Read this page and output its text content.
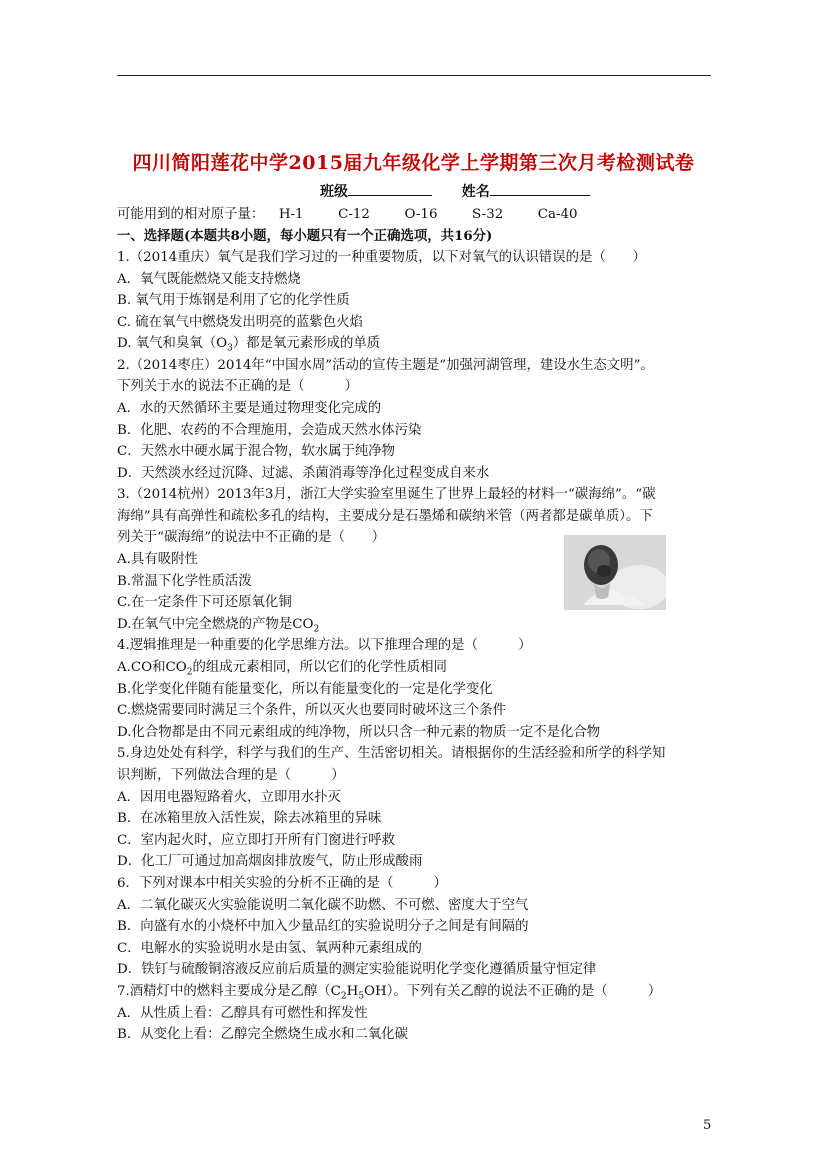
四川简阳莲花中学2015届九年级化学上学期第三次月考检测试卷
班级	姓名
可能用到的相对原子量： H-1	C-12	O-16	S-32	Ca-40
一、选择题(本题共8小题，每小题只有一个正确选项，共16分)
1.（2014重庆）氧气是我们学习过的一种重要物质，以下对氧气的认识错误的是（　　）
A．氧气既能燃烧又能支持燃烧
B. 氧气用于炼钢是利用了它的化学性质
C. 硫在氧气中燃烧发出明亮的蓝紫色火焰
D. 氧气和臭氧$(O_3)$都是氧元素形成的单质
2.（2014枣庄）2014年“中国水周”活动的宣传主题是“加强河湖管理，建设水生态文明”。
下列关于水的说法不正确的是（　　　）
A．水的天然循环主要是通过物理变化完成的
B．化肥、农药的不合理施用，会造成天然水体污染
C．天然水中硬水属于混合物，软水属于纯净物
D．天然淡水经过沉降、过滤、杀菌消毒等净化过程变成自来水
3.（2014杭州）2013年3月，浙江大学实验室里诞生了世界上最轻的材料一“碳海绵”。“碳
海绵”具有高弹性和疏松多孔的结构，主要成分是石墨烯和碳纳米管（两者都是碳单质）。下
列关于“碳海绵”的说法中不正确的是（　　）
A.具有吸附性
B.常温下化学性质活泼
C.在一定条件下可还原氧化铜
D.在氧气中完全燃烧的产物是$CO_2$
4.逻辑推理是一种重要的化学思维方法。以下推理合理的是（　　　）
A.CO和$CO_2$的组成元素相同，所以它们的化学性质相同
B.化学变化伴随有能量变化，所以有能量变化的一定是化学变化
C.燃烧需要同时满足三个条件，所以灭火也要同时破坏这三个条件
D.化合物都是由不同元素组成的纯净物，所以只含一种元素的物质一定不是化合物
5.身边处处有科学，科学与我们的生产、生活密切相关。请根据你的生活经验和所学的科学知
识判断，下列做法合理的是（　　　）
A．因用电器短路着火，立即用水扑灭
B．在冰箱里放入活性炭，除去冰箱里的异味
C．室内起火时，应立即打开所有门窗进行呼救
D．化工厂可通过加高烟囱排放废气，防止形成酸雨
6．下列对课本中相关实验的分析不正确的是（　　　）
A．二氧化碳灭火实验能说明二氧化碳不助燃、不可燃、密度大于空气
B．向盛有水的小烧杯中加入少量品红的实验说明分子之间是有间隔的
C．电解水的实验说明水是由氢、氧两种元素组成的
D．铁钉与硫酸铜溶液反应前后质量的测定实验能说明化学变化遵循质量守恒定律
7.酒精灯中的燃料主要成分是乙醇$(C_2H_5OH)$。下列有关乙醇的说法不正确的是（　　　）
A．从性质上看：乙醇具有可燃性和挥发性
B．从变化上看：乙醇完全燃烧生成水和二氧化碳
5
